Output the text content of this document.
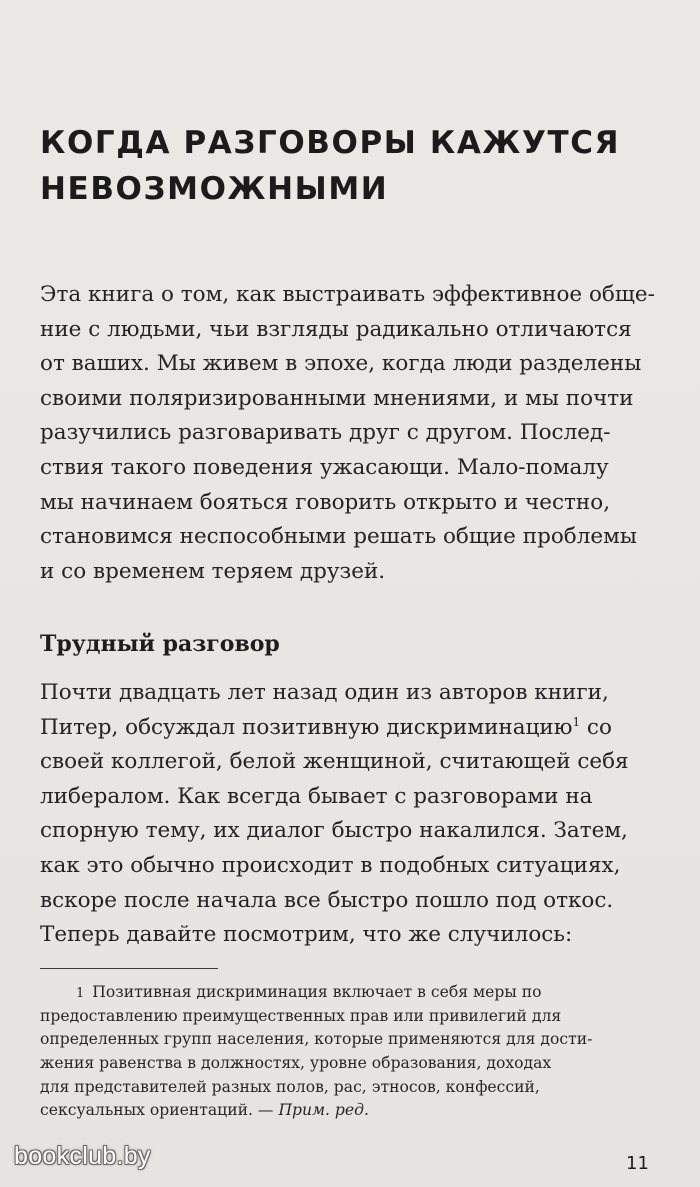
КОГДА РАЗГОВОРЫ КАЖУТСЯ
НЕВОЗМОЖНЫМИ
Эта книга о том, как выстраивать эффективное обще-
ние с людьми, чьи взгляды радикально отличаются
от ваших. Мы живем в эпохе, когда люди разделены
своими поляризированными мнениями, и мы почти
разучились разговаривать друг с другом. Послед-
ствия такого поведения ужасающи. Мало-помалу
мы начинаем бояться говорить открыто и честно,
становимся неспособными решать общие проблемы
и со временем теряем друзей.
Трудный разговор
Почти двадцать лет назад один из авторов книги,
Питер, обсуждал позитивную дискриминацию$^1$ со
своей коллегой, белой женщиной, считающей себя
либералом. Как всегда бывает с разговорами на
спорную тему, их диалог быстро накалился. Затем,
как это обычно происходит в подобных ситуациях,
вскоре после начала все быстро пошло под откос.
Теперь давайте посмотрим, что же случилось:
1 Позитивная дискриминация включает в себя меры по
предоставлению преимущественных прав или привилегий для
определенных групп населения, которые применяются для дости-
жения равенства в должностях, уровне образования, доходах
для представителей разных полов, рас, этносов, конфессий,
сексуальных ориентаций. — Прим. ред.
bookclub.by	11
